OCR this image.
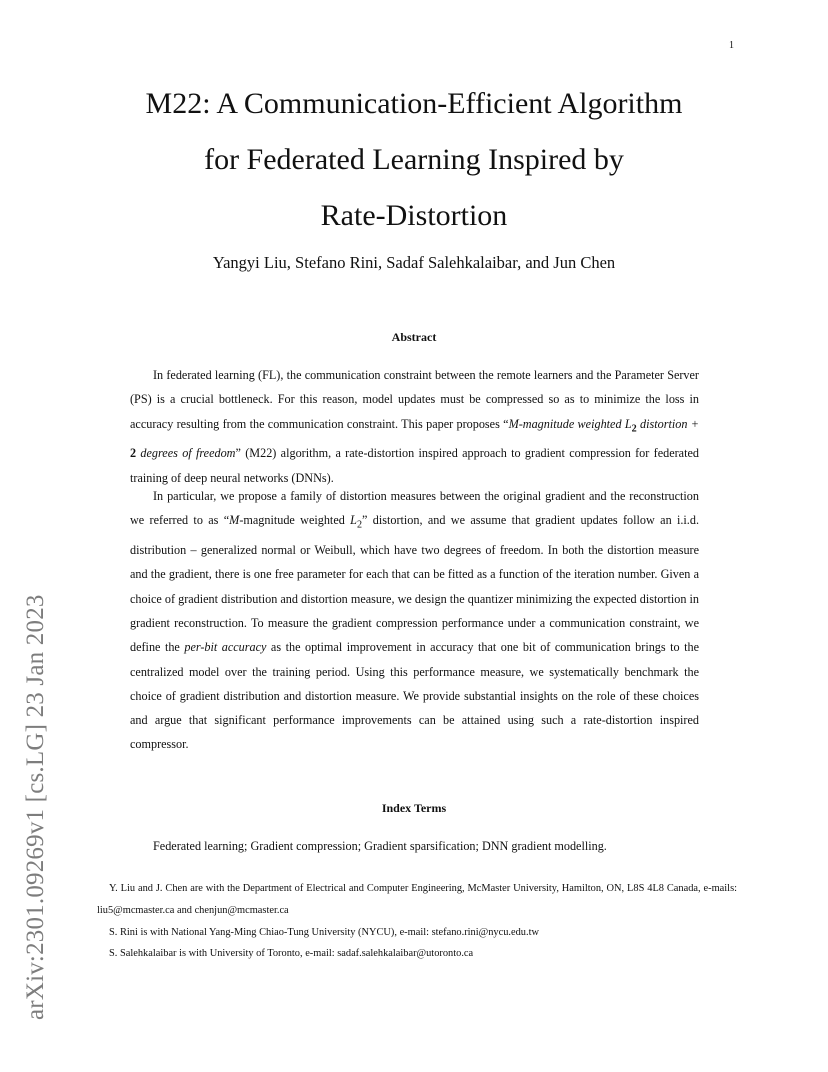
1
arXiv:2301.09269v1 [cs.LG] 23 Jan 2023
M22: A Communication-Efficient Algorithm
for Federated Learning Inspired by
Rate-Distortion
Yangyi Liu, Stefano Rini, Sadaf Salehkalaibar, and Jun Chen
Abstract
In federated learning (FL), the communication constraint between the remote learners and the Parameter Server (PS) is a crucial bottleneck. For this reason, model updates must be compressed so as to minimize the loss in accuracy resulting from the communication constraint. This paper proposes “M-magnitude weighted $L_2$ distortion + 2 degrees of freedom” (M22) algorithm, a rate-distortion inspired approach to gradient compression for federated training of deep neural networks (DNNs).
In particular, we propose a family of distortion measures between the original gradient and the reconstruction we referred to as “M-magnitude weighted $L_2$” distortion, and we assume that gradient updates follow an i.i.d. distribution – generalized normal or Weibull, which have two degrees of freedom. In both the distortion measure and the gradient, there is one free parameter for each that can be fitted as a function of the iteration number. Given a choice of gradient distribution and distortion measure, we design the quantizer minimizing the expected distortion in gradient reconstruction. To measure the gradient compression performance under a communication constraint, we define the per-bit accuracy as the optimal improvement in accuracy that one bit of communication brings to the centralized model over the training period. Using this performance measure, we systematically benchmark the choice of gradient distribution and distortion measure. We provide substantial insights on the role of these choices and argue that significant performance improvements can be attained using such a rate-distortion inspired compressor.
Index Terms
Federated learning; Gradient compression; Gradient sparsification; DNN gradient modelling.
Y. Liu and J. Chen are with the Department of Electrical and Computer Engineering, McMaster University, Hamilton, ON, L8S 4L8 Canada, e-mails: liu5@mcmaster.ca and chenjun@mcmaster.ca
S. Rini is with National Yang-Ming Chiao-Tung University (NYCU), e-mail: stefano.rini@nycu.edu.tw
S. Salehkalaibar is with University of Toronto, e-mail: sadaf.salehkalaibar@utoronto.ca
